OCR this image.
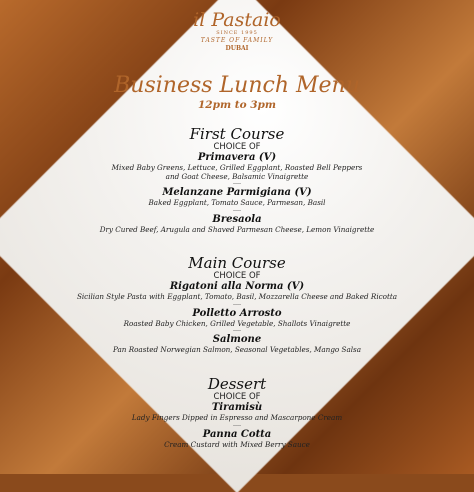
il Pastaio
SINCE 1995
TASTE OF FAMILY
DUBAI
Business Lunch Menu
12pm to 3pm
First Course
CHOICE OF
Primavera (V)
Mixed Baby Greens, Lettuce, Grilled Eggplant, Roasted Bell Peppers
and Goat Cheese, Balsamic Vinaigrette
----
Melanzane Parmigiana (V)
Baked Eggplant, Tomato Sauce, Parmesan, Basil
----
Bresaola
Dry Cured Beef, Arugula and Shaved Parmesan Cheese, Lemon Vinaigrette
Main Course
CHOICE OF
Rigatoni alla Norma (V)
Sicilian Style Pasta with Eggplant, Tomato, Basil, Mozzarella Cheese and Baked Ricotta
----
Polletto Arrosto
Roasted Baby Chicken, Grilled Vegetable, Shallots Vinaigrette
----
Salmone
Pan Roasted Norwegian Salmon, Seasonal Vegetables, Mango Salsa
Dessert
CHOICE OF
Tiramisù
Lady Fingers Dipped in Espresso and Mascarpone Cream
----
Panna Cotta
Cream Custard with Mixed Berry Sauce
